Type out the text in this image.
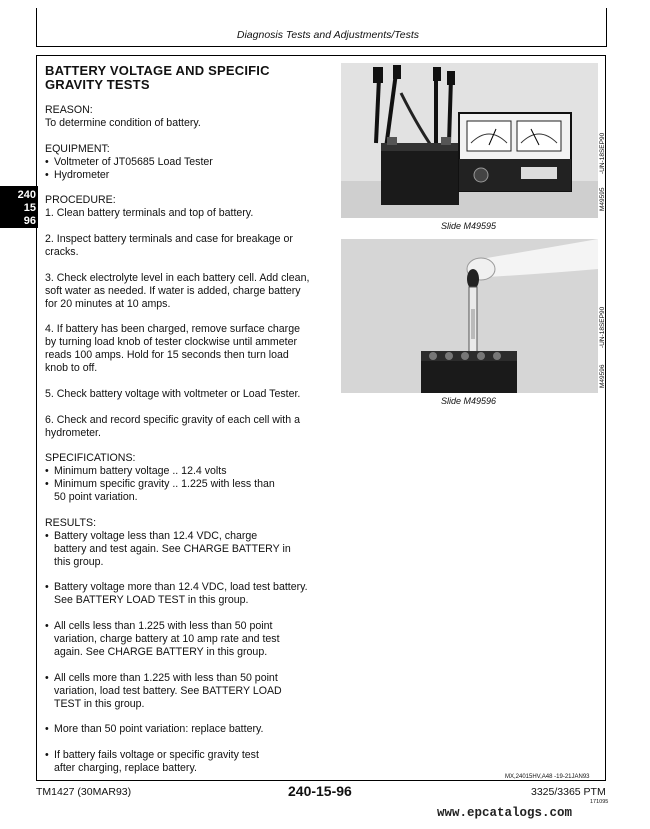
Diagnosis Tests and Adjustments/Tests
240
15
96
BATTERY VOLTAGE AND SPECIFIC
GRAVITY TESTS
REASON:
To determine condition of battery.
EQUIPMENT:
• Voltmeter of JT05685 Load Tester
• Hydrometer
PROCEDURE:
1. Clean battery terminals and top of battery.
2. Inspect battery terminals and case for breakage or
cracks.
3. Check electrolyte level in each battery cell. Add clean,
soft water as needed. If water is added, charge battery
for 20 minutes at 10 amps.
4. If battery has been charged, remove surface charge
by turning load knob of tester clockwise until ammeter
reads 100 amps. Hold for 15 seconds then turn load
knob to off.
5. Check battery voltage with voltmeter or Load Tester.
6. Check and record specific gravity of each cell with a
hydrometer.
SPECIFICATIONS:
• Minimum battery voltage .. 12.4 volts
• Minimum specific gravity .. 1.225 with less than
50 point variation.
RESULTS:
• Battery voltage less than 12.4 VDC, charge
battery and test again. See CHARGE BATTERY in
this group.
• Battery voltage more than 12.4 VDC, load test battery.
See BATTERY LOAD TEST in this group.
• All cells less than 1.225 with less than 50 point
variation, charge battery at 10 amp rate and test
again. See CHARGE BATTERY in this group.
• All cells more than 1.225 with less than 50 point
variation, load test battery. See BATTERY LOAD
TEST in this group.
• More than 50 point variation: replace battery.
• If battery fails voltage or specific gravity test
after charging, replace battery.
-UN-18SEP90
M49595
Slide M49595
-UN-18SEP90
M49596
Slide M49596
MX,24015HV,A48 -19-21JAN93
TM1427 (30MAR93)	240-15-96	3325/3365 PTM
171095
www.epcatalogs.com
